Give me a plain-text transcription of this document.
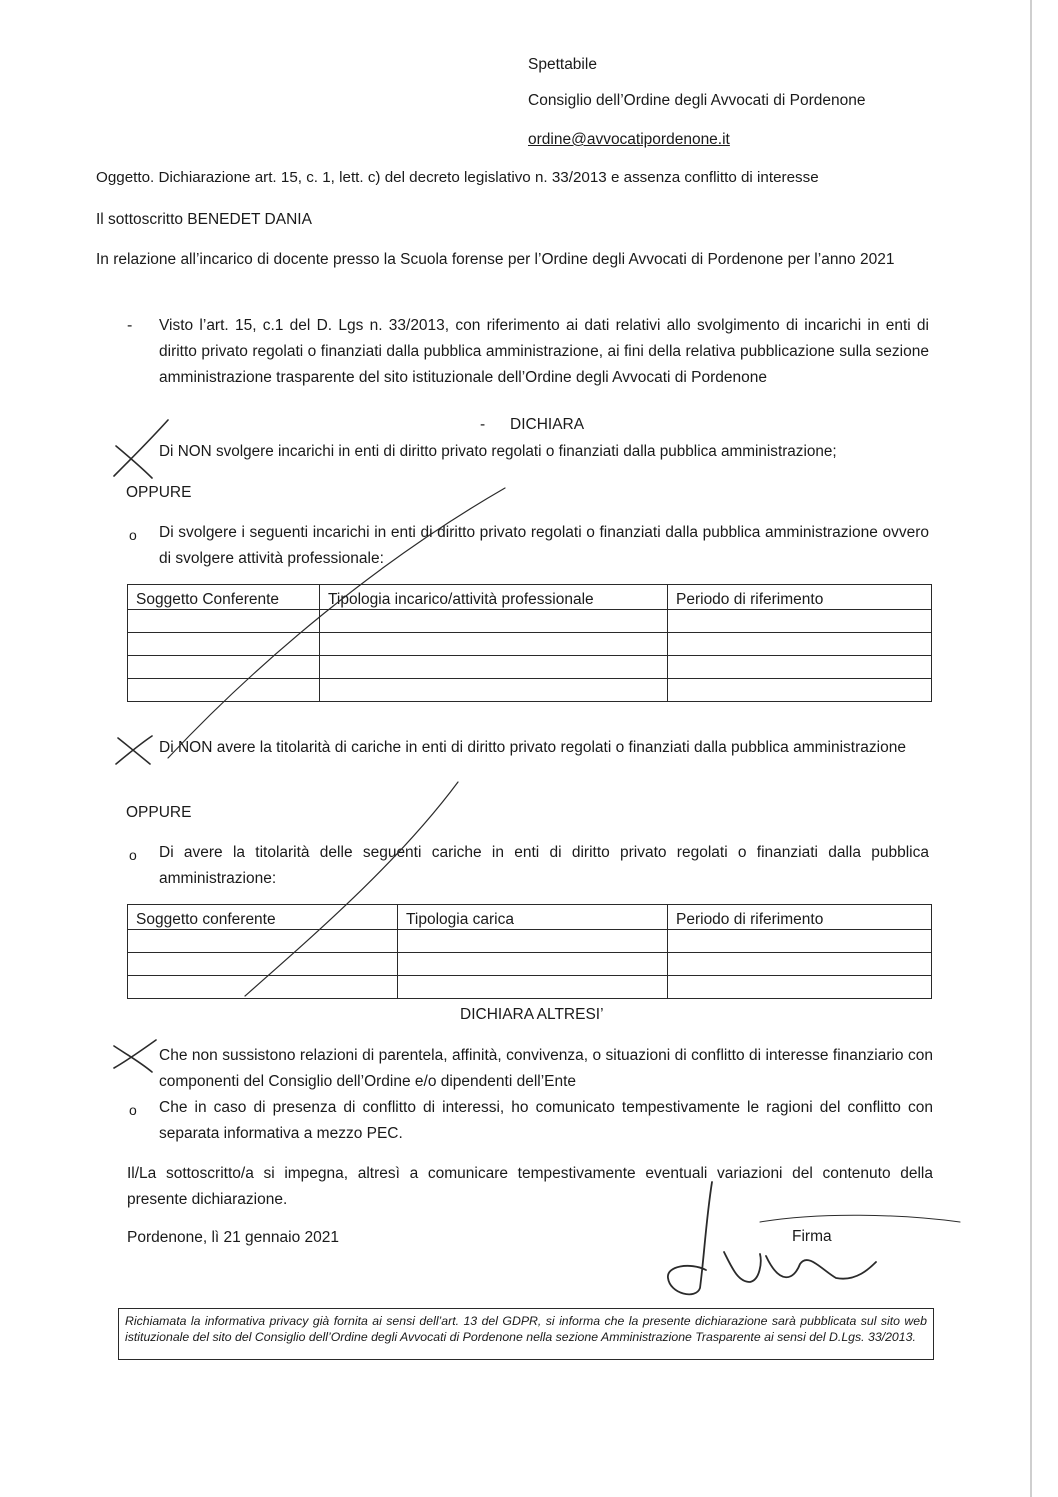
Spettabile
Consiglio dell’Ordine degli Avvocati di Pordenone
ordine@avvocatipordenone.it
Oggetto. Dichiarazione art. 15, c. 1, lett. c) del decreto legislativo n. 33/2013 e assenza conflitto di interesse
Il sottoscritto BENEDET DANIA
In relazione all’incarico di docente presso la Scuola forense per l’Ordine degli Avvocati di Pordenone per l’anno 2021
- Visto l’art. 15, c.1 del D. Lgs n. 33/2013, con riferimento ai dati relativi allo svolgimento di incarichi in enti di diritto privato regolati o finanziati dalla pubblica amministrazione, ai fini della relativa pubblicazione sulla sezione amministrazione trasparente del sito istituzionale dell’Ordine degli Avvocati di Pordenone
- DICHIARA
Di NON svolgere incarichi in enti di diritto privato regolati o finanziati dalla pubblica amministrazione;
OPPURE
o Di svolgere i seguenti incarichi in enti di diritto privato regolati o finanziati dalla pubblica amministrazione ovvero di svolgere attività professionale:
Soggetto Conferente	Tipologia incarico/attività professionale	Periodo di riferimento

Di NON avere la titolarità di cariche in enti di diritto privato regolati o finanziati dalla pubblica amministrazione
OPPURE
o Di avere la titolarità delle seguenti cariche in enti di diritto privato regolati o finanziati dalla pubblica amministrazione:
Soggetto conferente	Tipologia carica	Periodo di riferimento

DICHIARA ALTRESI’
Che non sussistono relazioni di parentela, affinità, convivenza, o situazioni di conflitto di interesse finanziario con componenti del Consiglio dell’Ordine e/o dipendenti dell’Ente
o Che in caso di presenza di conflitto di interessi, ho comunicato tempestivamente le ragioni del conflitto con separata informativa a mezzo PEC.
Il/La sottoscritto/a si impegna, altresì a comunicare tempestivamente eventuali variazioni del contenuto della presente dichiarazione.
Pordenone, lì 21 gennaio 2021	Firma
Richiamata la informativa privacy già fornita ai sensi dell’art. 13 del GDPR, si informa che la presente dichiarazione sarà pubblicata sul sito web istituzionale del sito del Consiglio dell’Ordine degli Avvocati di Pordenone nella sezione Amministrazione Trasparente ai sensi del D.Lgs. 33/2013.
